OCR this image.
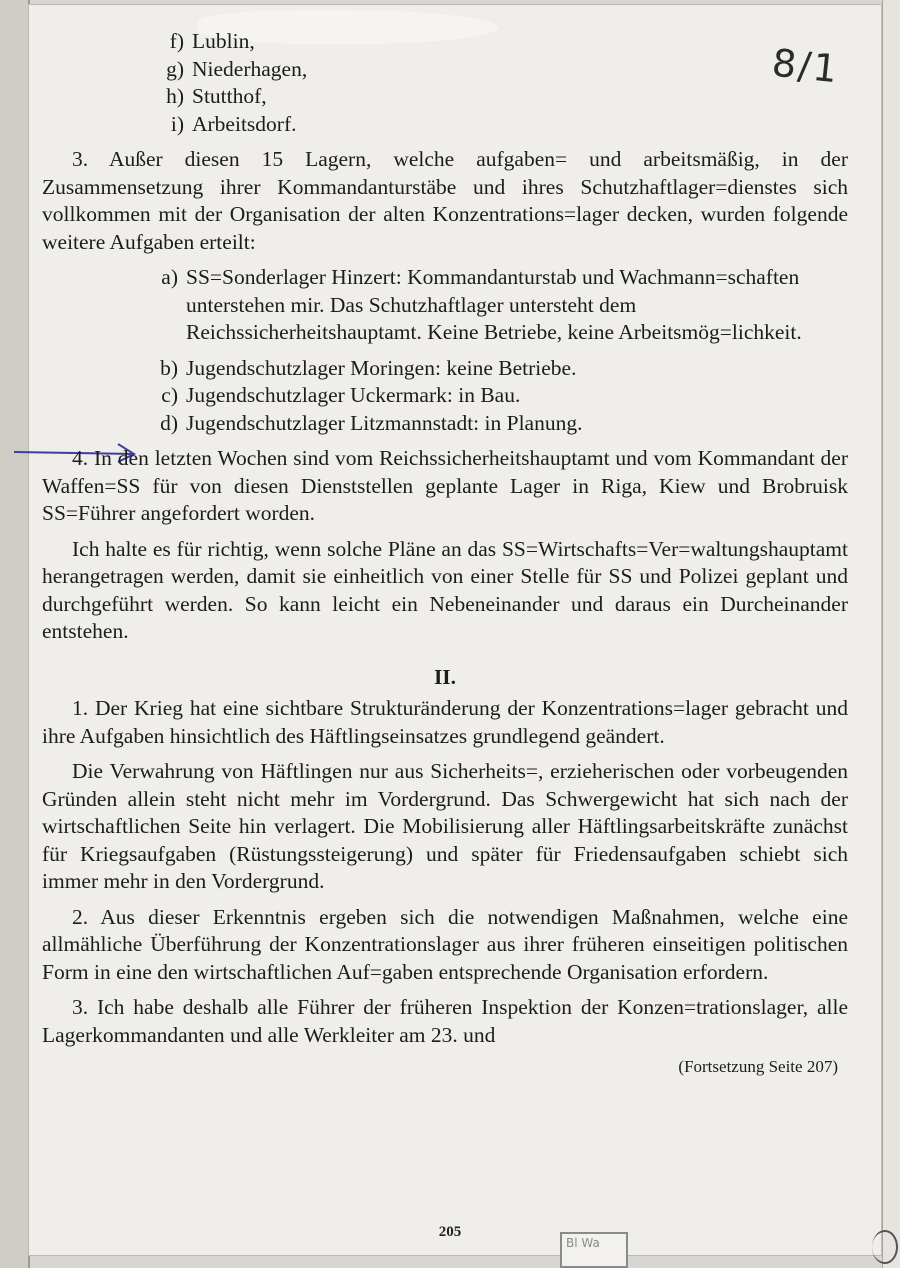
8/1
f) Lublin,
g) Niederhagen,
h) Stutthof,
i) Arbeitsdorf.

3. Außer diesen 15 Lagern, welche aufgaben= und arbeitsmäßig, in der Zusammensetzung ihrer Kommandanturstäbe und ihres Schutzhaftlager=dienstes sich vollkommen mit der Organisation der alten Konzentrations=lager decken, wurden folgende weitere Aufgaben erteilt:

a) SS=Sonderlager Hinzert: Kommandanturstab und Wachmann=schaften unterstehen mir. Das Schutzhaftlager untersteht dem Reichssicherheitshauptamt. Keine Betriebe, keine Arbeitsmög=lichkeit.
b) Jugendschutzlager Moringen: keine Betriebe.
c) Jugendschutzlager Uckermark: in Bau.
d) Jugendschutzlager Litzmannstadt: in Planung.

4. In den letzten Wochen sind vom Reichssicherheitshauptamt und vom Kommandant der Waffen=SS für von diesen Dienststellen geplante Lager in Riga, Kiew und Brobruisk SS=Führer angefordert worden.

Ich halte es für richtig, wenn solche Pläne an das SS=Wirtschafts=Ver=waltungshauptamt herangetragen werden, damit sie einheitlich von einer Stelle für SS und Polizei geplant und durchgeführt werden. So kann leicht ein Nebeneinander und daraus ein Durcheinander entstehen.

II.

1. Der Krieg hat eine sichtbare Strukturänderung der Konzentrations=lager gebracht und ihre Aufgaben hinsichtlich des Häftlingseinsatzes grundlegend geändert.

Die Verwahrung von Häftlingen nur aus Sicherheits=, erzieherischen oder vorbeugenden Gründen allein steht nicht mehr im Vordergrund. Das Schwergewicht hat sich nach der wirtschaftlichen Seite hin verlagert. Die Mobilisierung aller Häftlingsarbeitskräfte zunächst für Kriegsaufgaben (Rüstungssteigerung) und später für Friedensaufgaben schiebt sich immer mehr in den Vordergrund.

2. Aus dieser Erkenntnis ergeben sich die notwendigen Maßnahmen, welche eine allmähliche Überführung der Konzentrationslager aus ihrer früheren einseitigen politischen Form in eine den wirtschaftlichen Auf=gaben entsprechende Organisation erfordern.

3. Ich habe deshalb alle Führer der früheren Inspektion der Konzen=trationslager, alle Lagerkommandanten und alle Werkleiter am 23. und

(Fortsetzung Seite 207)
205
Bl Wa
